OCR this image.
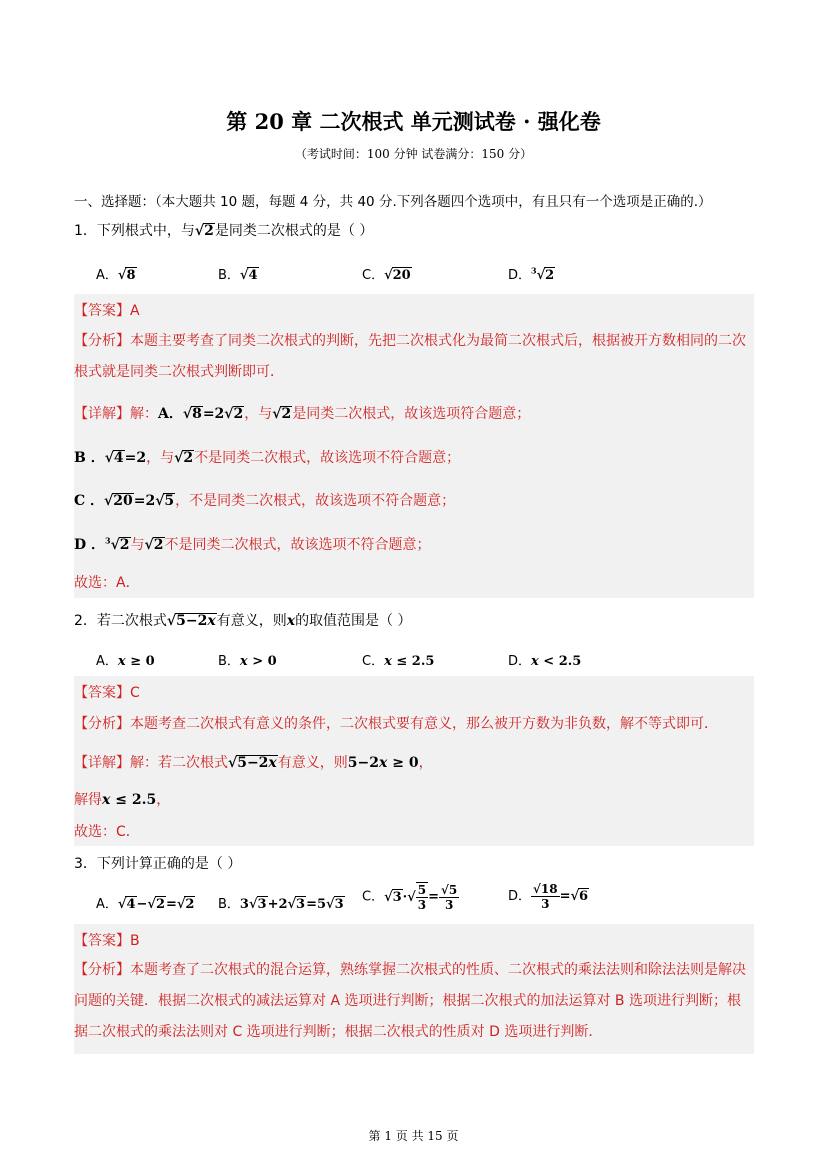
第 20 章 二次根式 单元测试卷 · 强化卷
（考试时间：100 分钟 试卷满分：150 分）
一、选择题：（本大题共 10 题，每题 4 分，共 40 分.下列各题四个选项中，有且只有一个选项是正确的.）
1．下列根式中，与√2是同类二次根式的是（ ）
A．√8	B．√4	C．√20	D．$^3$√2
【答案】A
【分析】本题主要考查了同类二次根式的判断，先把二次根式化为最简二次根式后，根据被开方数相同的二次根式就是同类二次根式判断即可．
【详解】解：A．√8=2√2，与√2是同类二次根式，故该选项符合题意；
B ．√4=2，与√2不是同类二次根式，故该选项不符合题意；
C ．√20=2√5，不是同类二次根式，故该选项不符合题意；
D ．$^3$√2与√2不是同类二次根式，故该选项不符合题意；
故选：A．
2．若二次根式√5−2x有意义，则x的取值范围是（ ）
A．x ≥ 0	B．x > 0	C．x ≤ 2.5	D．x < 2.5
【答案】C
【分析】本题考查二次根式有意义的条件，二次根式要有意义，那么被开方数为非负数，解不等式即可．
【详解】解：若二次根式√5−2x有意义，则5−2x ≥ 0，
解得x ≤ 2.5，
故选：C．
3．下列计算正确的是（ ）
A．√4−√2=√2 B．3√3+2√3=5√3 C．$√3\cdot√ \frac{5}{3} = \frac{√5}{3}$	D． $\frac{√18}{3} =√6$
【答案】B
【分析】本题考查了二次根式的混合运算，熟练掌握二次根式的性质、二次根式的乘法法则和除法法则是解决问题的关键．根据二次根式的减法运算对 A 选项进行判断；根据二次根式的加法运算对 B 选项进行判断；根据二次根式的乘法法则对 C 选项进行判断；根据二次根式的性质对 D 选项进行判断．
第 1 页 共 15 页
